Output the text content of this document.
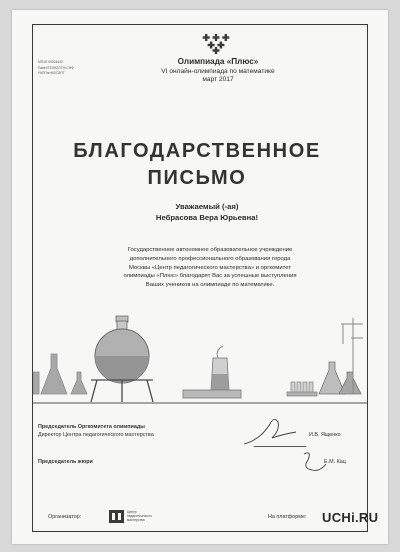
МП1Р-00024442
Пакет/ГЕОХ2ОТН-СФФ
УКППнг/НЛ/С8ПТ
Олимпиада «Плюс»
VI онлайн-олимпиада по математике
март 2017
БЛАГОДАРСТВЕННОЕ
ПИСЬМО
Уважаемый (-ая)
Небрасова Вера Юрьевна!
Государственное автономное образовательное учреждение
дополнительного профессионального образования города
Москвы «Центр педагогического мастерства» и оргкомитет
олимпиады «Плюс» благодарят Вас за успешные выступления
Ваших учеников на олимпиаде по математике.
Председатель Оргкомитета олимпиады
Директор Центра педагогического мастерства	И.В. Ященко
Председатель жюри	Е.М. Кац
Организатор:
Центр
педагогического
мастерства
На платформе: UCHi.RU
